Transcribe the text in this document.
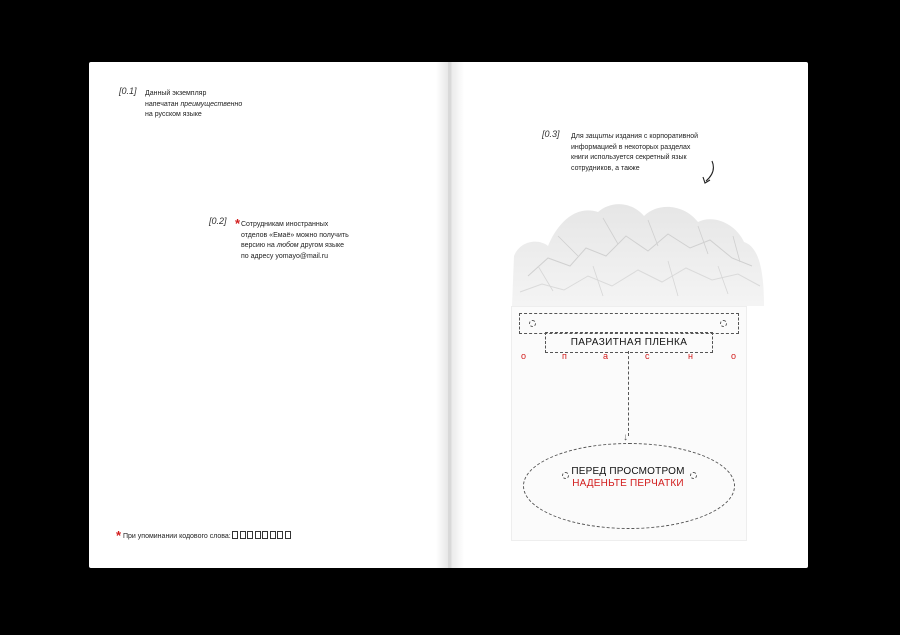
[0.1] Данный экземпляр
напечатан преимущественно
на русском языке
[0.2] * Сотрудникам иностранных
отделов «Емаё» можно получить
версию на любом другом языке
по адресу yomayo@mail.ru
* При упоминании кодового слова:
[0.3] Для защиты издания с корпоративной
информацией в некоторых разделах
книги используется секретный язык
сотрудников, а также
ПАРАЗИТНАЯ ПЛЕНКА
о	п	а	с	н	о
↓
ПЕРЕД ПРОСМОТРОМ
НАДЕНЬТЕ ПЕРЧАТКИ
